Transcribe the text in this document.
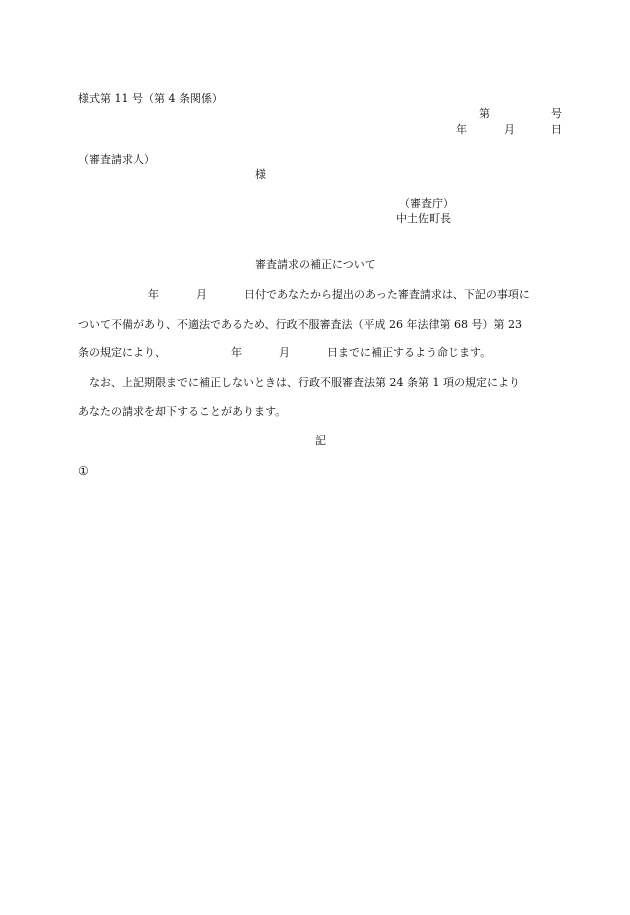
様式第 11 号（第 4 条関係）
第	号
年	月	日
（審査請求人）
様
（審査庁）
中土佐町長
審査請求の補正について
年	月	日付であなたから提出のあった審査請求は、下記の事項に
ついて不備があり、不適法であるため、行政不服審査法（平成 26 年法律第 68 号）第 23
条の規定により、	年	月	日までに補正するよう命じます。
なお、上記期限までに補正しないときは、行政不服審査法第 24 条第 1 項の規定により
あなたの請求を却下することがあります。
記
①
